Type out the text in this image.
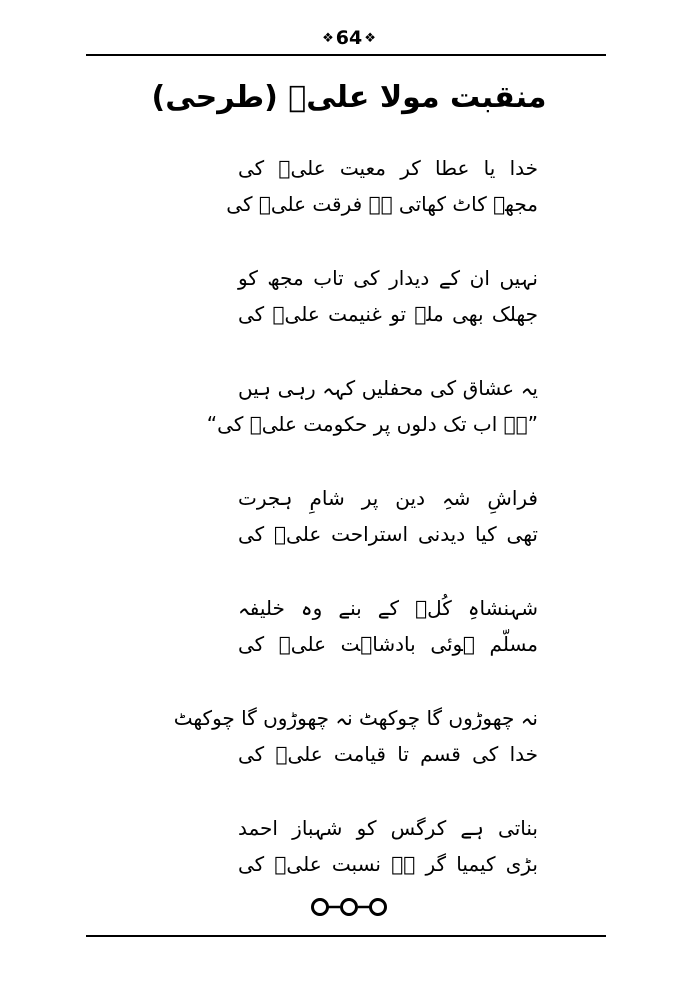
❖ 64 ❖
منقبت مولا علیؓ (طرحی)
خدا یا عطا کر معیت علیؓ کی
مجھے کاٹ کھاتی ہے فرقت علیؓ کی
نہیں ان کے دیدار کی تاب مجھ کو
جھلک بھی ملے تو غنیمت علیؓ کی
یہ عشاق کی محفلیں کہہ رہی ہیں
”ہے اب تک دلوں پر حکومت علیؓ کی“
فراشِ شہِ دین پر شامِ ہجرت
تھی کیا دیدنی استراحت علیؓ کی
شہنشاہِ کُلؐ کے بنے وہ خلیفہ
مسلّم ہوئی بادشاہت علیؓ کی
نہ چھوڑوں گا چوکھٹ نہ چھوڑوں گا چوکھٹ
خدا کی قسم تا قیامت علیؓ کی
بناتی ہے کرگس کو شہباز احمد
بڑی کیمیا گر ہے نسبت علیؓ کی
